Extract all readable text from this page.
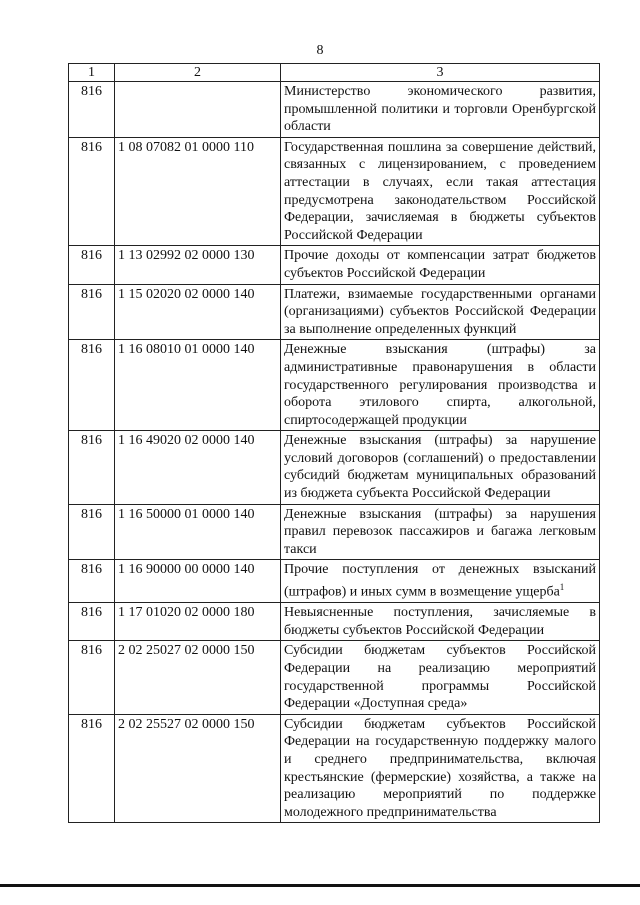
8
1	2	3
816		Министерство экономического развития, промышленной политики и торговли Оренбургской области
816	1 08 07082 01 0000 110	Государственная пошлина за совершение действий, связанных с лицензированием, с проведением аттестации в случаях, если такая аттестация предусмотрена законодательством Российской Федерации, зачисляемая в бюджеты субъектов Российской Федерации
816	1 13 02992 02 0000 130	Прочие доходы от компенсации затрат бюджетов субъектов Российской Федерации
816	1 15 02020 02 0000 140	Платежи, взимаемые государственными органами (организациями) субъектов Российской Федерации за выполнение определенных функций
816	1 16 08010 01 0000 140	Денежные взыскания (штрафы) за административные правонарушения в области государственного регулирования производства и оборота этилового спирта, алкогольной, спиртосодержащей продукции
816	1 16 49020 02 0000 140	Денежные взыскания (штрафы) за нарушение условий договоров (соглашений) о предоставлении субсидий бюджетам муниципальных образований из бюджета субъекта Российской Федерации
816	1 16 50000 01 0000 140	Денежные взыскания (штрафы) за нарушения правил перевозок пассажиров и багажа легковым такси
816	1 16 90000 00 0000 140	Прочие поступления от денежных взысканий (штрафов) и иных сумм в возмещение ущерба$^1$
816	1 17 01020 02 0000 180	Невыясненные поступления, зачисляемые в бюджеты субъектов Российской Федерации
816	2 02 25027 02 0000 150	Субсидии бюджетам субъектов Российской Федерации на реализацию мероприятий государственной программы Российской Федерации «Доступная среда»
816	2 02 25527 02 0000 150	Субсидии бюджетам субъектов Российской Федерации на государственную поддержку малого и среднего предпринимательства, включая крестьянские (фермерские) хозяйства, а также на реализацию мероприятий по поддержке молодежного предпринимательства
